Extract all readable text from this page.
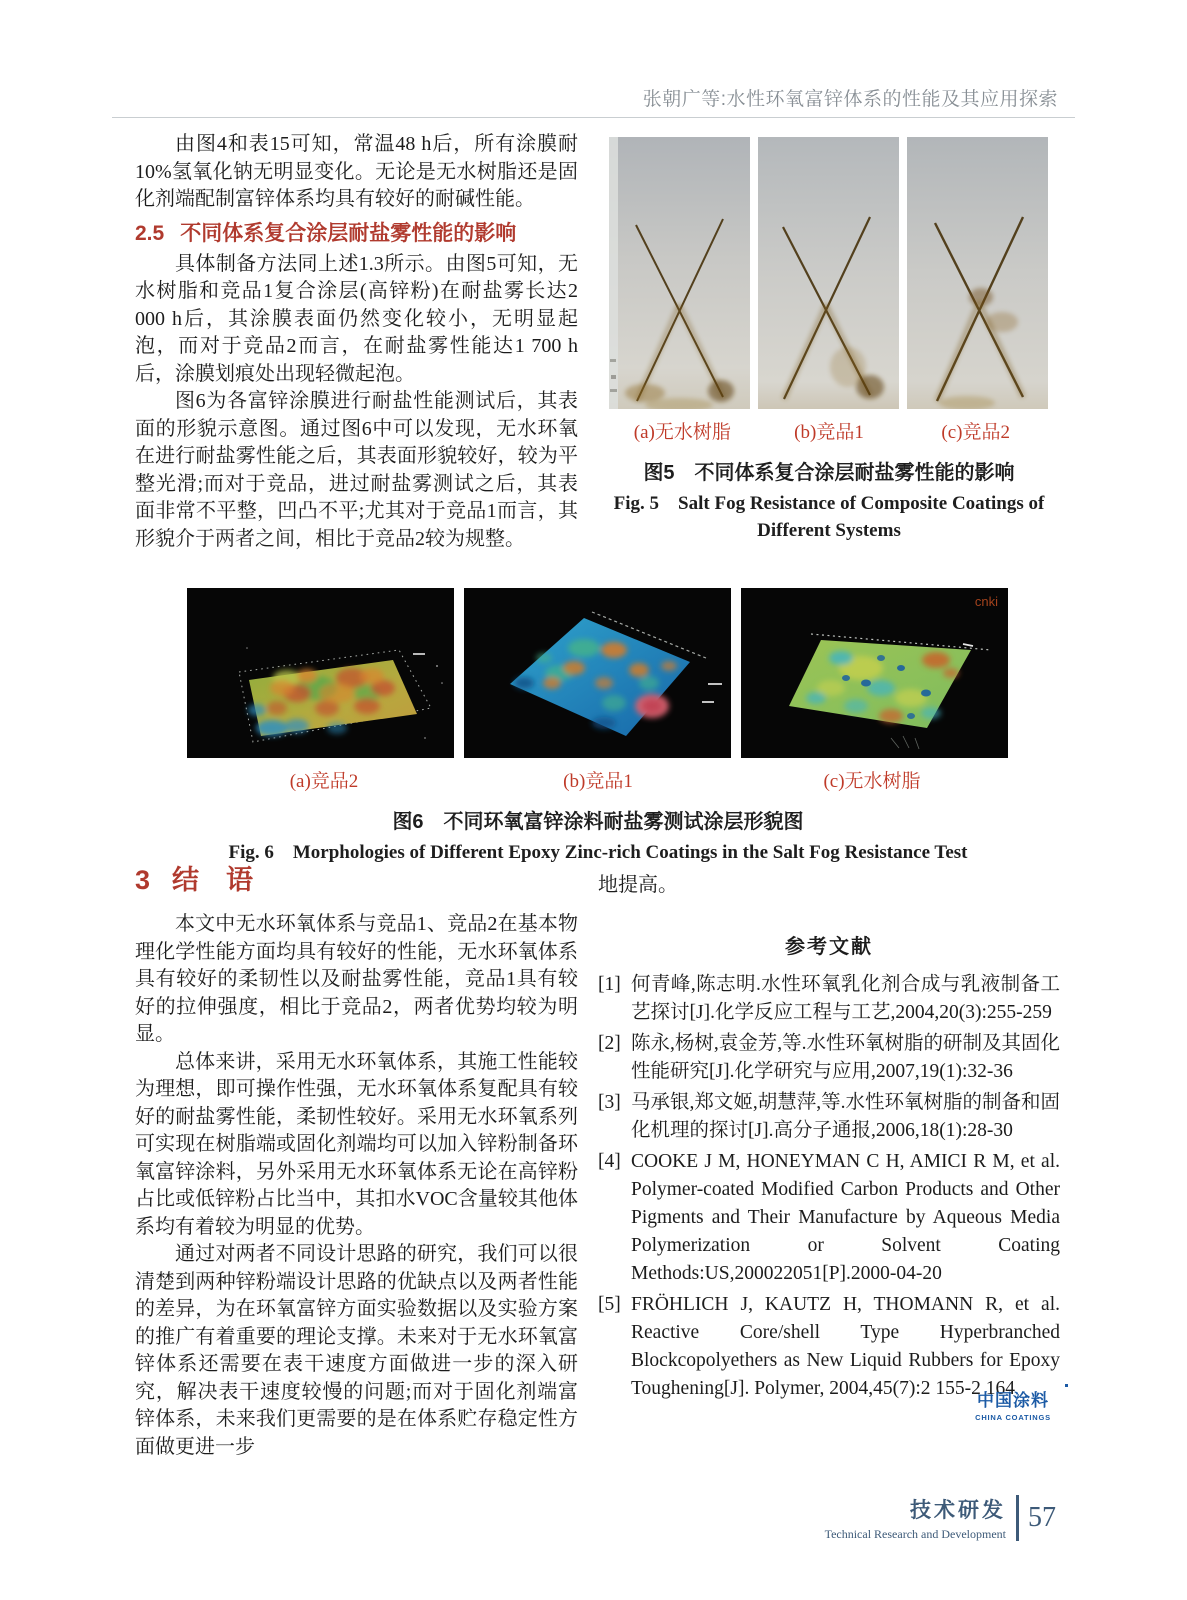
张朝广等:水性环氧富锌体系的性能及其应用探索

由图4和表15可知，常温48 h后，所有涂膜耐10%氢氧化钠无明显变化。无论是无水树脂还是固化剂端配制富锌体系均具有较好的耐碱性能。

2.5 不同体系复合涂层耐盐雾性能的影响

具体制备方法同上述1.3所示。由图5可知，无水树脂和竞品1复合涂层(高锌粉)在耐盐雾长达2 000 h后，其涂膜表面仍然变化较小，无明显起泡，而对于竞品2而言，在耐盐雾性能达1 700 h后，涂膜划痕处出现轻微起泡。

图6为各富锌涂膜进行耐盐性能测试后，其表面的形貌示意图。通过图6中可以发现，无水环氧在进行耐盐雾性能之后，其表面形貌较好，较为平整光滑;而对于竞品，进过耐盐雾测试之后，其表面非常不平整，凹凸不平;尤其对于竞品1而言，其形貌介于两者之间，相比于竞品2较为规整。

(a)无水树脂	(b)竞品1	(c)竞品2
图5　不同体系复合涂层耐盐雾性能的影响
Fig. 5　Salt Fog Resistance of Composite Coatings of
Different Systems
cnki
(a)竞品2	(b)竞品1	(c)无水树脂
图6　不同环氧富锌涂料耐盐雾测试涂层形貌图
Fig. 6　Morphologies of Different Epoxy Zinc-rich Coatings in the Salt Fog Resistance Test
3 结　语

本文中无水环氧体系与竞品1、竞品2在基本物理化学性能方面均具有较好的性能，无水环氧体系具有较好的柔韧性以及耐盐雾性能，竞品1具有较好的拉伸强度，相比于竞品2，两者优势均较为明显。

总体来讲，采用无水环氧体系，其施工性能较为理想，即可操作性强，无水环氧体系复配具有较好的耐盐雾性能，柔韧性较好。采用无水环氧系列可实现在树脂端或固化剂端均可以加入锌粉制备环氧富锌涂料，另外采用无水环氧体系无论在高锌粉占比或低锌粉占比当中，其扣水VOC含量较其他体系均有着较为明显的优势。

通过对两者不同设计思路的研究，我们可以很清楚到两种锌粉端设计思路的优缺点以及两者性能的差异，为在环氧富锌方面实验数据以及实验方案的推广有着重要的理论支撑。未来对于无水环氧富锌体系还需要在表干速度方面做进一步的深入研究，解决表干速度较慢的问题;而对于固化剂端富锌体系，未来我们更需要的是在体系贮存稳定性方面做更进一步

地提高。

参考文献
[1] 何青峰,陈志明.水性环氧乳化剂合成与乳液制备工艺探讨[J].化学反应工程与工艺,2004,20(3):255-259
[2] 陈永,杨树,袁金芳,等.水性环氧树脂的研制及其固化性能研究[J].化学研究与应用,2007,19(1):32-36
[3] 马承银,郑文姬,胡慧萍,等.水性环氧树脂的制备和固化机理的探讨[J].高分子通报,2006,18(1):28-30
[4] COOKE J M, HONEYMAN C H, AMICI R M, et al. Polymer-coated Modified Carbon Products and Other Pigments and Their Manufacture by Aqueous Media Polymerization or Solvent Coating Methods:US,200022051[P].2000-04-20
[5] FRÖHLICH J, KAUTZ H, THOMANN R, et al. Reactive Core/shell Type Hyperbranched Blockcopolyethers as New Liquid Rubbers for Epoxy Toughening[J]. Polymer, 2004,45(7):2 155-2 164
中国涂料
CHINA COATINGS
技术研发
Technical Research and Development
57
